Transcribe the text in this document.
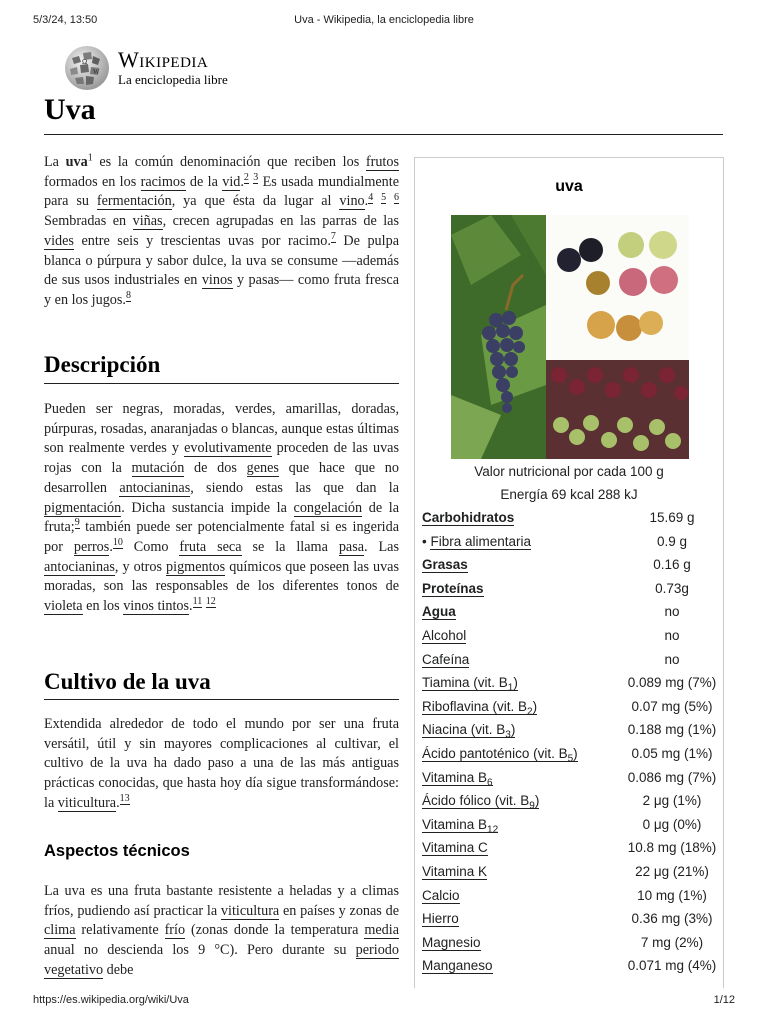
5/3/24, 13:50	Uva - Wikipedia, la enciclopedia libre
Ω
W Wikipedia
La enciclopedia libre
Uva

La uva$^1$ es la común denominación que reciben los frutos formados en los racimos de la vid.$^2$ $^3$ Es usada mundialmente para su fermentación, ya que ésta da lugar al vino.$^4$ $^5$ $^6$ Sembradas en viñas, crecen agrupadas en las parras de las vides entre seis y trescientas uvas por racimo.$^7$ De pulpa blanca o púrpura y sabor dulce, la uva se consume —además de sus usos industriales en vinos y pasas— como fruta fresca y en los jugos.$^8$

Descripción

Pueden ser negras, moradas, verdes, amarillas, doradas, púrpuras, rosadas, anaranjadas o blancas, aunque estas últimas son realmente verdes y evolutivamente proceden de las uvas rojas con la mutación de dos genes que hace que no desarrollen antocianinas, siendo estas las que dan la pigmentación. Dicha sustancia impide la congelación de la fruta;$^9$ también puede ser potencialmente fatal si es ingerida por perros.$^{10}$ Como fruta seca se la llama pasa. Las antocianinas, y otros pigmentos químicos que poseen las uvas moradas, son las responsables de los diferentes tonos de violeta en los vinos tintos.$^{11}$ $^{12}$

Cultivo de la uva

Extendida alrededor de todo el mundo por ser una fruta versátil, útil y sin mayores complicaciones al cultivar, el cultivo de la uva ha dado paso a una de las más antiguas prácticas conocidas, que hasta hoy día sigue transformándose: la viticultura.$^{13}$

Aspectos técnicos

La uva es una fruta bastante resistente a heladas y a climas fríos, pudiendo así practicar la viticultura en países y zonas de clima relativamente frío (zonas donde la temperatura media anual no descienda los 9 °C). Pero durante su periodo vegetativo debe

uva
Valor nutricional por cada 100 g
Energía 69 kcal 288 kJ
Carbohidratos	15.69 g
• Fibra alimentaria	0.9 g
Grasas	0.16 g
Proteínas	0.73g
Agua	no
Alcohol	no
Cafeína	no
Tiamina (vit. $B_1$)	0.089 mg (7%)
Riboflavina (vit. $B_2$)	0.07 mg (5%)
Niacina (vit. $B_3$)	0.188 mg (1%)
Ácido pantoténico (vit. $B_5$)	0.05 mg (1%)
Vitamina $B_6$	0.086 mg (7%)
Ácido fólico (vit. $B_9$)	2 μg (1%)
Vitamina $B_{12}$	0 μg (0%)
Vitamina C	10.8 mg (18%)
Vitamina K	22 μg (21%)
Calcio	10 mg (1%)
Hierro	0.36 mg (3%)
Magnesio	7 mg (2%)
Manganeso	0.071 mg (4%)
https://es.wikipedia.org/wiki/Uva	1/12
